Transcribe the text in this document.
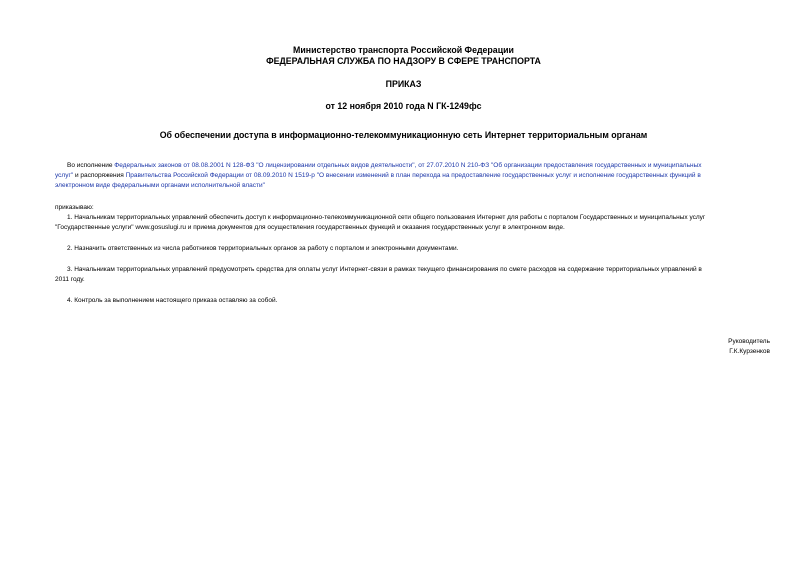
Министерство транспорта Российской Федерации
ФЕДЕРАЛЬНАЯ СЛУЖБА ПО НАДЗОРУ В СФЕРЕ ТРАНСПОРТА
ПРИКАЗ
от 12 ноября 2010 года N ГК-1249фс
Об обеспечении доступа в информационно-телекоммуникационную сеть Интернет территориальным органам
Во исполнение Федеральных законов от 08.08.2001 N 128-ФЗ "О лицензировании отдельных видов деятельности", от 27.07.2010 N 210-ФЗ "Об организации предоставления государственных и муниципальных
услуг" и распоряжения Правительства Российской Федерации от 08.09.2010 N 1519-р "О внесении изменений в план перехода на предоставление государственных услуг и исполнение государственных функций в
электронном виде федеральными органами исполнительной власти"
приказываю:
1. Начальникам территориальных управлений обеспечить доступ к информационно-телекоммуникационной сети общего пользования Интернет для работы с порталом Государственных и муниципальных услуг
"Государственные услуги" www.gosuslugi.ru и приема документов для осуществления государственных функций и оказания государственных услуг в электронном виде.
2. Назначить ответственных из числа работников территориальных органов за работу с порталом и электронными документами.
3. Начальникам территориальных управлений предусмотреть средства для оплаты услуг Интернет-связи в рамках текущего финансирования по смете расходов на содержание территориальных управлений в
2011 году.
4. Контроль за выполнением настоящего приказа оставляю за собой.
Руководитель
Г.К.Курзенков
